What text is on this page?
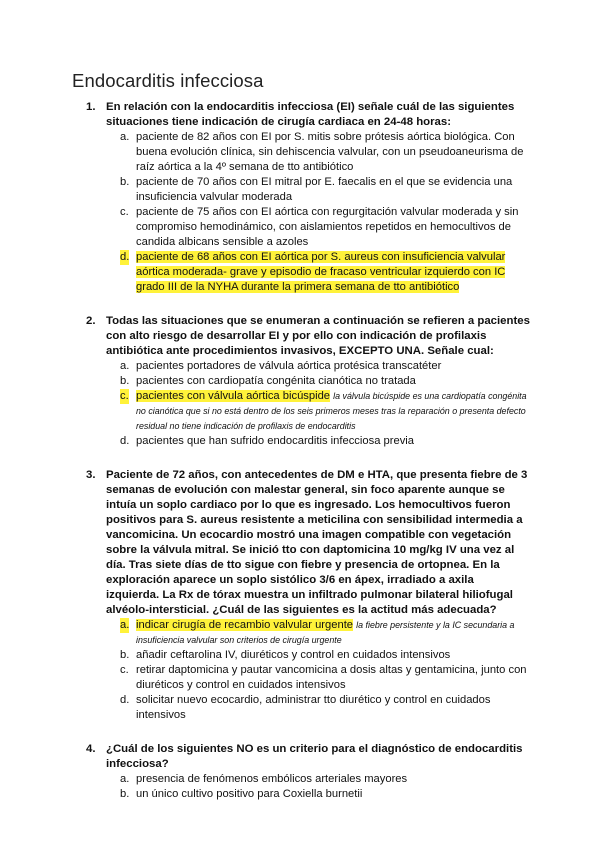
Endocarditis infecciosa
1. En relación con la endocarditis infecciosa (EI) señale cuál de las siguientes situaciones tiene indicación de cirugía cardiaca en 24-48 horas:
a. paciente de 82 años con EI por S. mitis sobre prótesis aórtica biológica. Con buena evolución clínica, sin dehiscencia valvular, con un pseudoaneurisma de raíz aórtica a la 4º semana de tto antibiótico
b. paciente de 70 años con EI mitral por E. faecalis en el que se evidencia una insuficiencia valvular moderada
c. paciente de 75 años con EI aórtica con regurgitación valvular moderada y sin compromiso hemodinámico, con aislamientos repetidos en hemocultivos de candida albicans sensible a azoles
d. paciente de 68 años con EI aórtica por S. aureus con insuficiencia valvular aórtica moderada- grave y episodio de fracaso ventricular izquierdo con IC grado III de la NYHA durante la primera semana de tto antibiótico
2. Todas las situaciones que se enumeran a continuación se refieren a pacientes con alto riesgo de desarrollar EI y por ello con indicación de profilaxis antibiótica ante procedimientos invasivos, EXCEPTO UNA. Señale cual:
a. pacientes portadores de válvula aórtica protésica transcatéter
b. pacientes con cardiopatía congénita cianótica no tratada
c. pacientes con válvula aórtica bicúspide la válvula bicúspide es una cardiopatía congénita no cianótica que si no está dentro de los seis primeros meses tras la reparación o presenta defecto residual no tiene indicación de profilaxis de endocarditis
d. pacientes que han sufrido endocarditis infecciosa previa
3. Paciente de 72 años, con antecedentes de DM e HTA, que presenta fiebre de 3 semanas de evolución con malestar general, sin foco aparente aunque se intuía un soplo cardiaco por lo que es ingresado. Los hemocultivos fueron positivos para S. aureus resistente a meticilina con sensibilidad intermedia a vancomicina. Un ecocardio mostró una imagen compatible con vegetación sobre la válvula mitral. Se inició tto con daptomicina 10 mg/kg IV una vez al día. Tras siete días de tto sigue con fiebre y presencia de ortopnea. En la exploración aparece un soplo sistólico 3/6 en ápex, irradiado a axila izquierda. La Rx de tórax muestra un infiltrado pulmonar bilateral hiliofugal alvéolo-intersticial. ¿Cuál de las siguientes es la actitud más adecuada?
a. indicar cirugía de recambio valvular urgente la fiebre persistente y la IC secundaria a insuficiencia valvular son criterios de cirugía urgente
b. añadir ceftarolina IV, diuréticos y control en cuidados intensivos
c. retirar daptomicina y pautar vancomicina a dosis altas y gentamicina, junto con diuréticos y control en cuidados intensivos
d. solicitar nuevo ecocardio, administrar tto diurético y control en cuidados intensivos
4. ¿Cuál de los siguientes NO es un criterio para el diagnóstico de endocarditis infecciosa?
a. presencia de fenómenos embólicos arteriales mayores
b. un único cultivo positivo para Coxiella burnetii
